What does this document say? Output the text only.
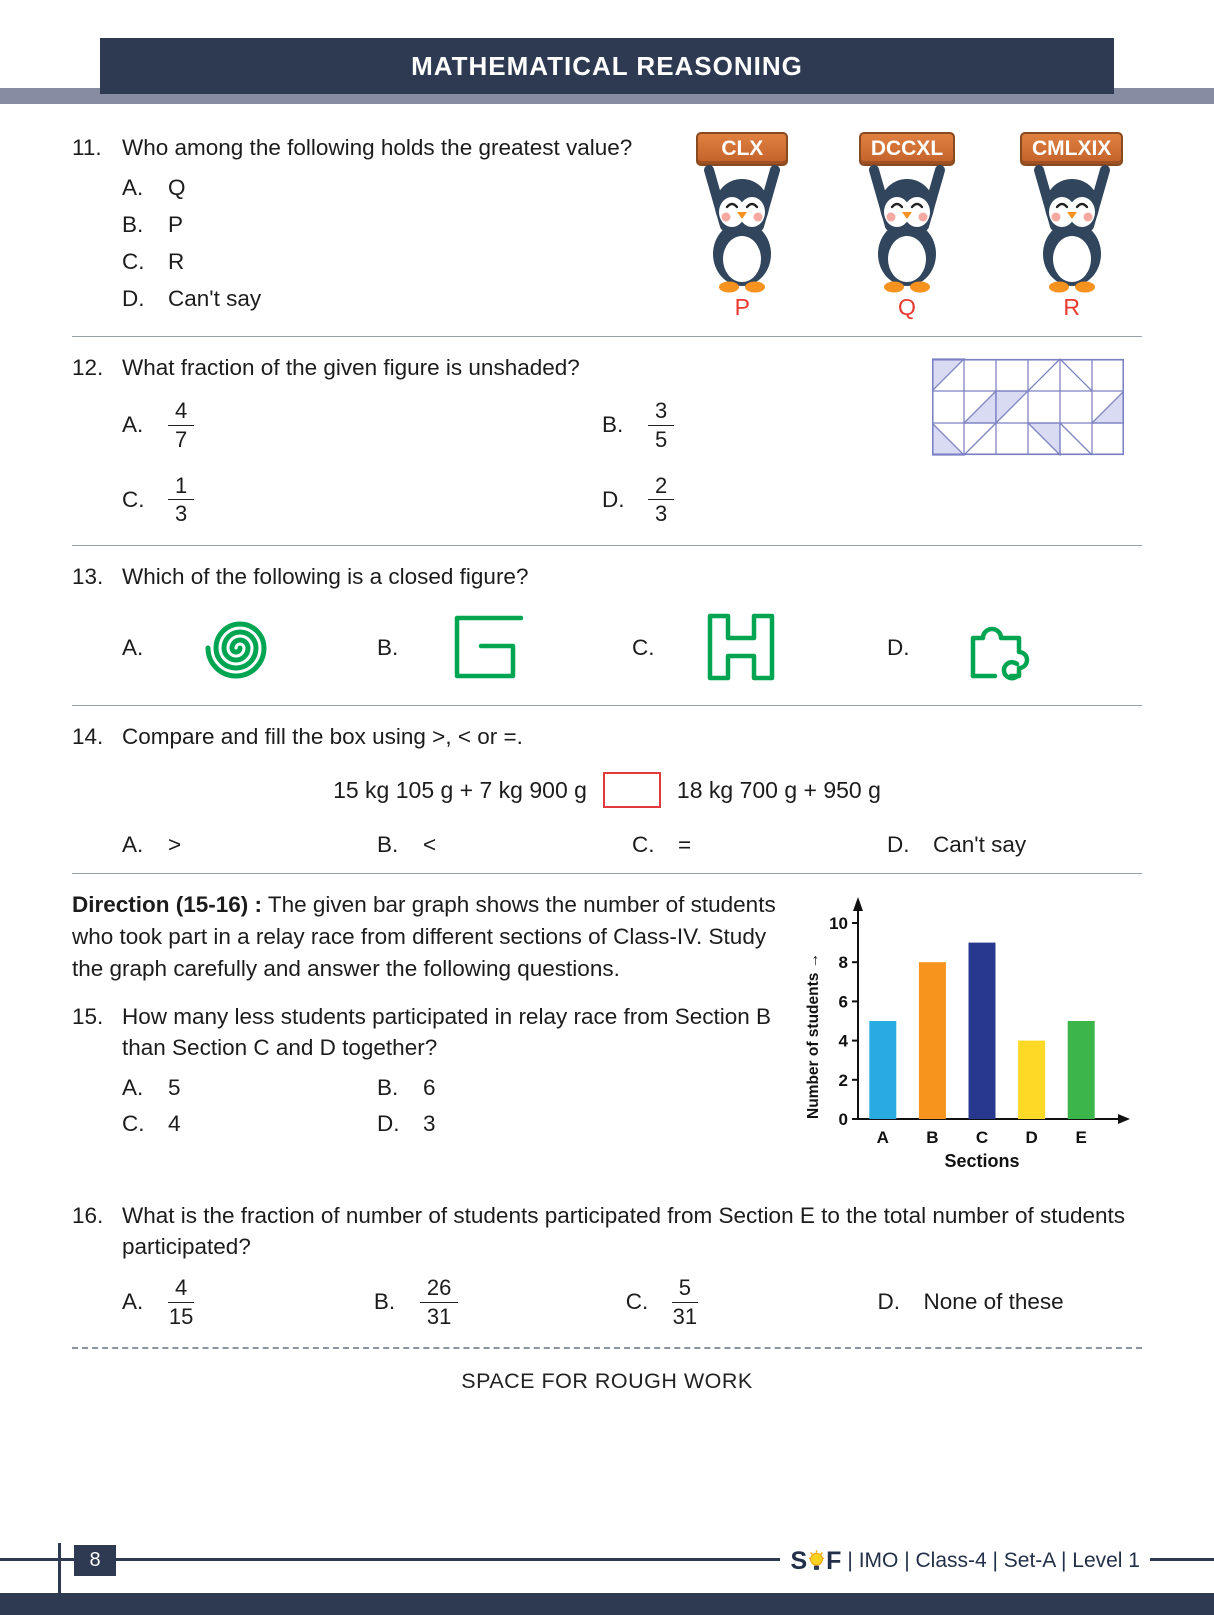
MATHEMATICAL REASONING
11. Who among the following holds the greatest value?
A.	Q
B.	P
C.	R
D.	Can't say
CLX
P
DCCXL
Q
CMLXIX
R
12. What fraction of the given figure is unshaded?
A.	$\frac{4}{7}$	B.	$\frac{3}{5}$
C.	$\frac{1}{3}$	D.	$\frac{2}{3}$
13. Which of the following is a closed figure?
A.	B.	C.	D.
14. Compare and fill the box using >, < or =.
15 kg 105 g + 7 kg 900 g	18 kg 700 g + 950 g
A.	>	B.	<	C.	=	D.	Can't say

Direction (15-16) : The given bar graph shows the number of students who took part in a relay race from different sections of Class-IV. Study the graph carefully and answer the following questions.

15. How many less students participated in relay race from Section B than Section C and D together?
A.	5	B.	6
C.	4	D.	3	0
2
4
6
8
10
A B C D E
Number of students →
Sections
16. What is the fraction of number of students participated from Section E to the total number of students participated?
A.	$\frac{4}{15}$	B.	$\frac{26}{31}$	C.	$\frac{5}{31}$	D.	None of these
SPACE FOR ROUGH WORK
8	S F | IMO | Class-4 | Set-A | Level 1
